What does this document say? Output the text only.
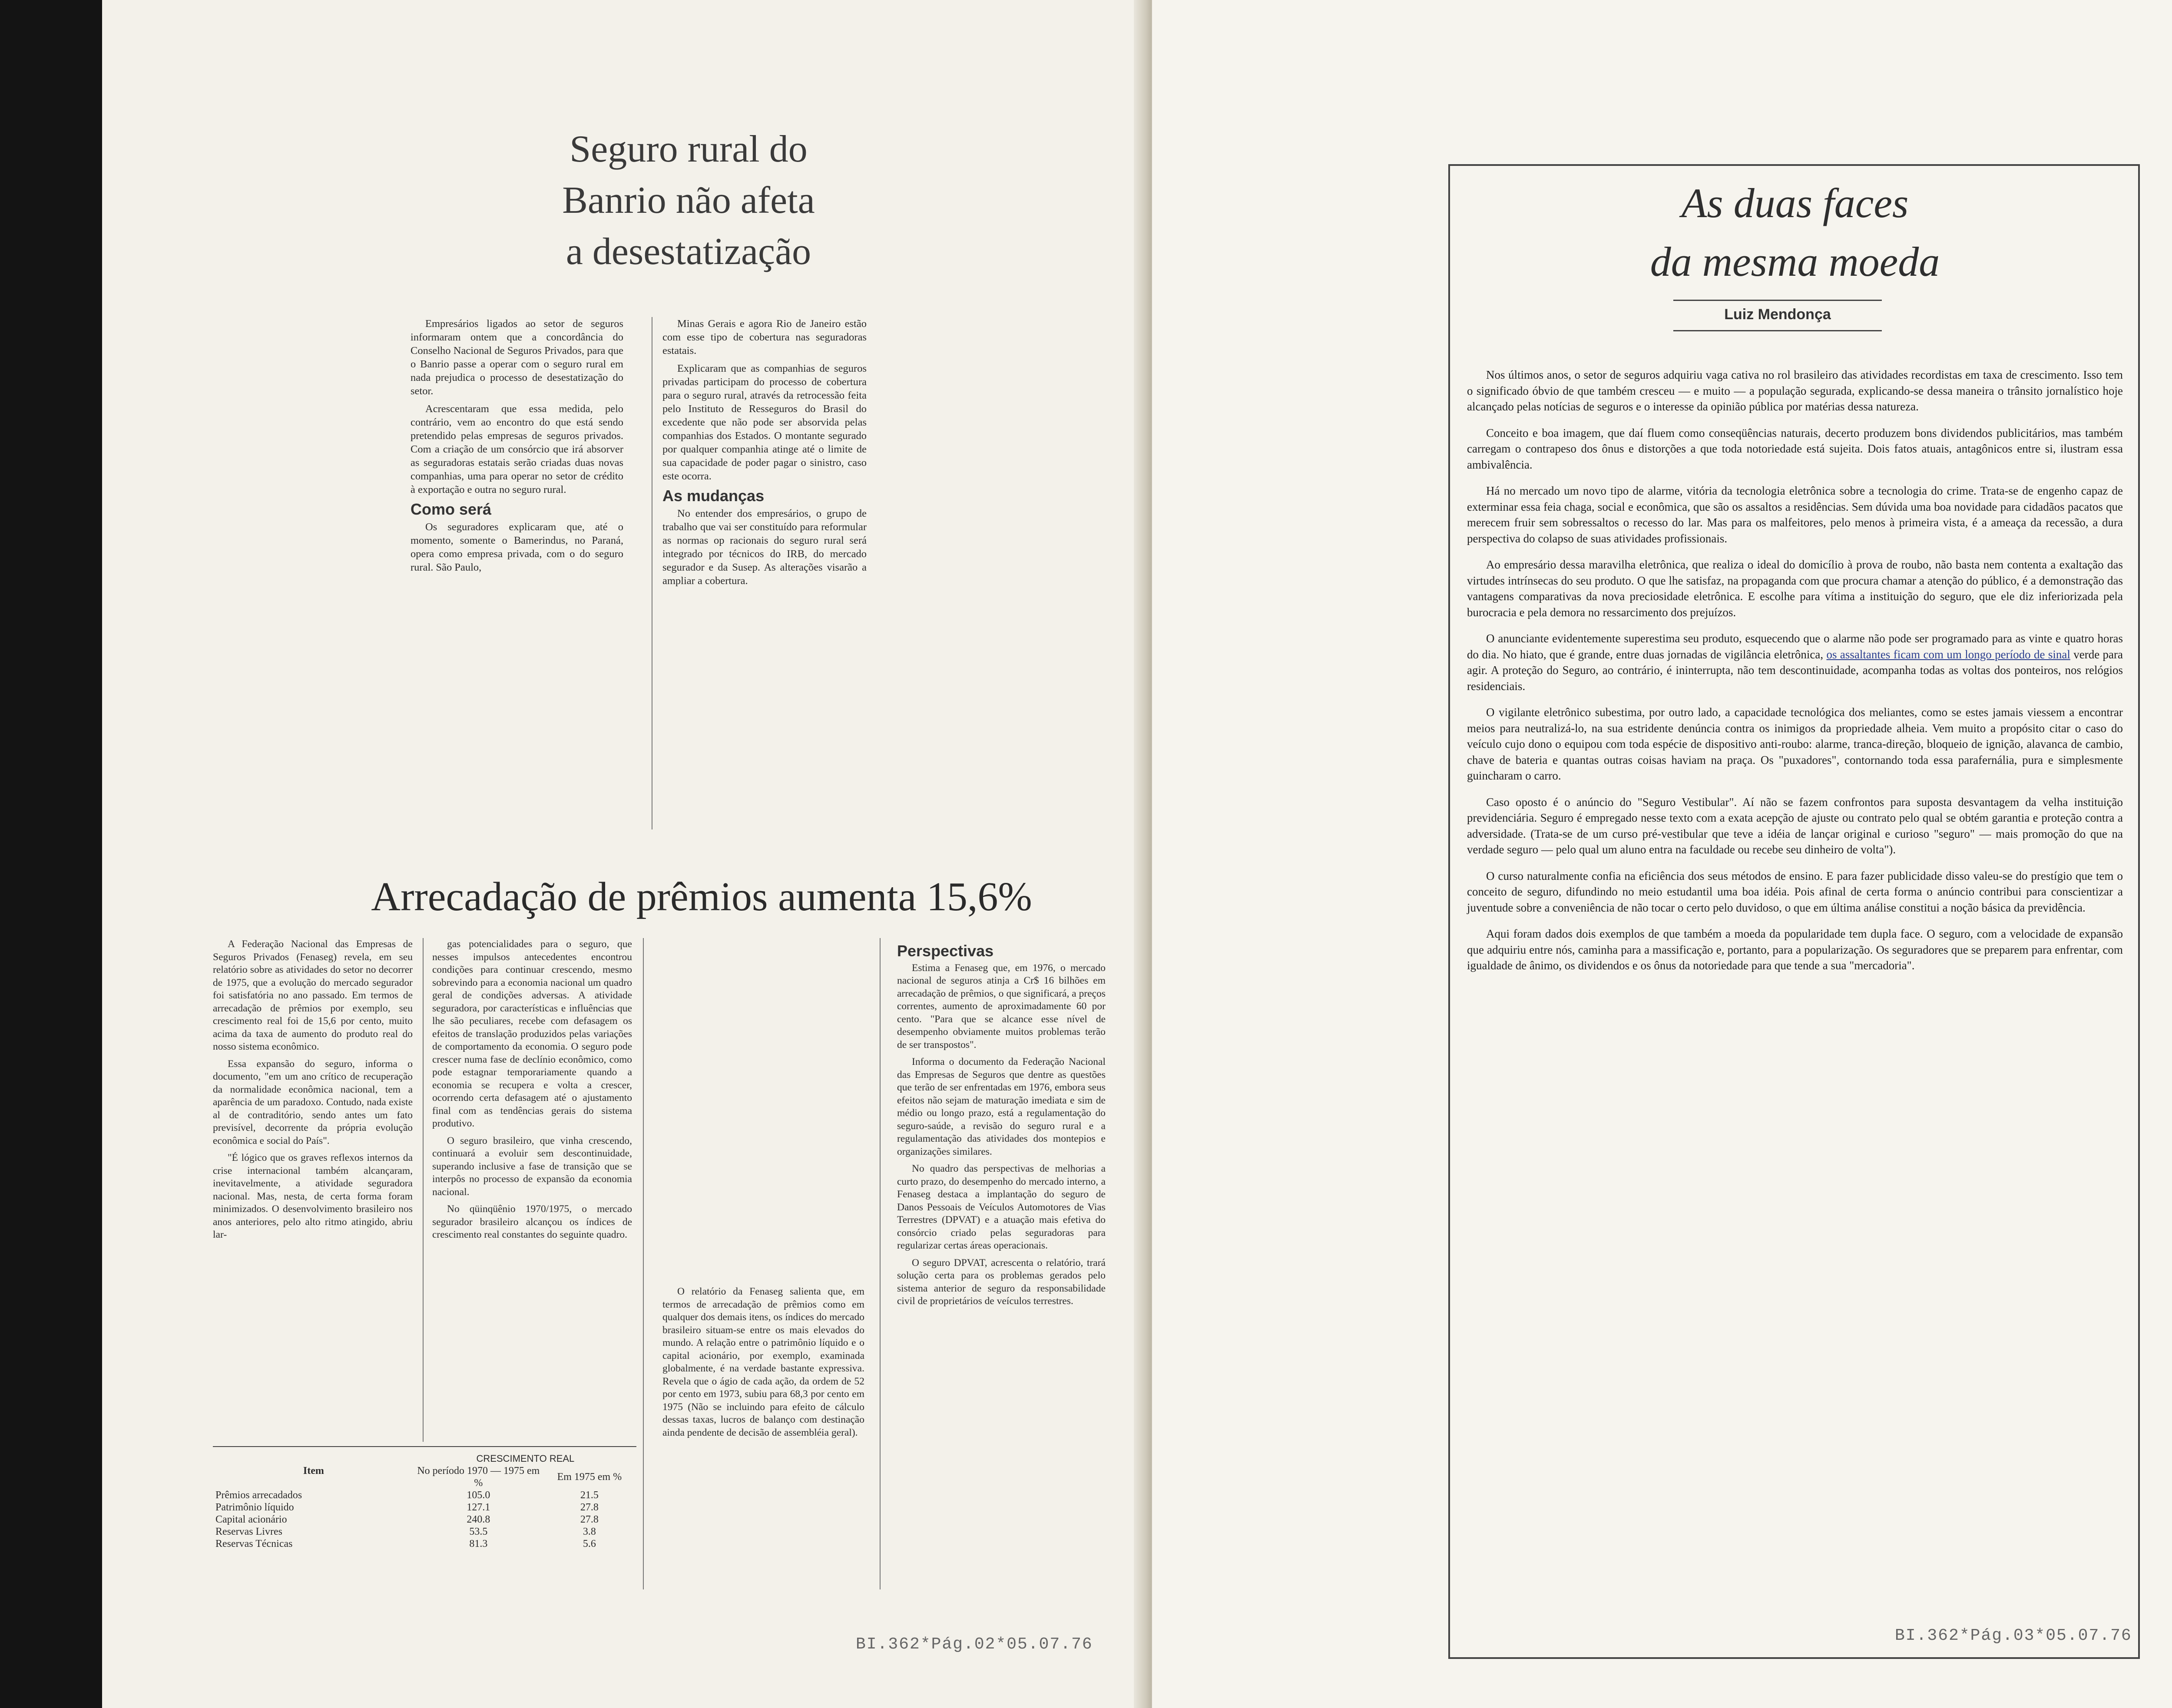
Seguro rural do
Banrio não afeta
a desestatização

Empresários ligados ao setor de seguros informaram ontem que a concordância do Conselho Nacional de Seguros Privados, para que o Banrio passe a operar com o seguro rural em nada prejudica o processo de desestatização do setor.

Acrescentaram que essa medida, pelo contrário, vem ao encontro do que está sendo pretendido pelas empresas de seguros privados. Com a criação de um consórcio que irá absorver as seguradoras estatais serão criadas duas novas companhias, uma para operar no setor de crédito à exportação e outra no seguro rural.

Como será

Os seguradores explicaram que, até o momento, somente o Bamerindus, no Paraná, opera como empresa privada, com o do seguro rural. São Paulo,

Minas Gerais e agora Rio de Janeiro estão com esse tipo de cobertura nas seguradoras estatais.

Explicaram que as companhias de seguros privadas participam do processo de cobertura para o seguro rural, através da retrocessão feita pelo Instituto de Resseguros do Brasil do excedente que não pode ser absorvida pelas companhias dos Estados. O montante segurado por qualquer companhia atinge até o limite de sua capacidade de poder pagar o sinistro, caso este ocorra.

As mudanças

No entender dos empresários, o grupo de trabalho que vai ser constituído para reformular as normas op racionais do seguro rural será integrado por técnicos do IRB, do mercado segurador e da Susep. As alterações visarão a ampliar a cobertura.

Arrecadação de prêmios aumenta 15,6%

A Federação Nacional das Empresas de Seguros Privados (Fenaseg) revela, em seu relatório sobre as atividades do setor no decorrer de 1975, que a evolução do mercado segurador foi satisfatória no ano passado. Em termos de arrecadação de prêmios por exemplo, seu crescimento real foi de 15,6 por cento, muito acima da taxa de aumento do produto real do nosso sistema econômico.

Essa expansão do seguro, informa o documento, "em um ano crítico de recuperação da normalidade econômica nacional, tem a aparência de um paradoxo. Contudo, nada existe al de contraditório, sendo antes um fato previsível, decorrente da própria evolução econômica e social do País".

"É lógico que os graves reflexos internos da crise internacional também alcançaram, inevitavelmente, a atividade seguradora nacional. Mas, nesta, de certa forma foram minimizados. O desenvolvimento brasileiro nos anos anteriores, pelo alto ritmo atingido, abriu lar-

gas potencialidades para o seguro, que nesses impulsos antecedentes encontrou condições para continuar crescendo, mesmo sobrevindo para a economia nacional um quadro geral de condições adversas. A atividade seguradora, por características e influências que lhe são peculiares, recebe com defasagem os efeitos de translação produzidos pelas variações de comportamento da economia. O seguro pode crescer numa fase de declínio econômico, como pode estagnar temporariamente quando a economia se recupera e volta a crescer, ocorrendo certa defasagem até o ajustamento final com as tendências gerais do sistema produtivo.

O seguro brasileiro, que vinha crescendo, continuará a evoluir sem descontinuidade, superando inclusive a fase de transição que se interpôs no processo de expansão da economia nacional.

No qüinqüênio 1970/1975, o mercado segurador brasileiro alcançou os índices de crescimento real constantes do seguinte quadro.

O relatório da Fenaseg salienta que, em termos de arrecadação de prêmios como em qualquer dos demais itens, os índices do mercado brasileiro situam-se entre os mais elevados do mundo. A relação entre o patrimônio líquido e o capital acionário, por exemplo, examinada globalmente, é na verdade bastante expressiva. Revela que o ágio de cada ação, da ordem de 52 por cento em 1973, subiu para 68,3 por cento em 1975 (Não se incluindo para efeito de cálculo dessas taxas, lucros de balanço com destinação ainda pendente de decisão de assembléia geral).

Perspectivas

Estima a Fenaseg que, em 1976, o mercado nacional de seguros atinja a Cr$ 16 bilhões em arrecadação de prêmios, o que significará, a preços correntes, aumento de aproximadamente 60 por cento. "Para que se alcance esse nível de desempenho obviamente muitos problemas terão de ser transpostos".

Informa o documento da Federação Nacional das Empresas de Seguros que dentre as questões que terão de ser enfrentadas em 1976, embora seus efeitos não sejam de maturação imediata e sim de médio ou longo prazo, está a regulamentação do seguro-saúde, a revisão do seguro rural e a regulamentação das atividades dos montepios e organizações similares.

No quadro das perspectivas de melhorias a curto prazo, do desempenho do mercado interno, a Fenaseg destaca a implantação do seguro de Danos Pessoais de Veículos Automotores de Vias Terrestres (DPVAT) e a atuação mais efetiva do consórcio criado pelas seguradoras para regularizar certas áreas operacionais.

O seguro DPVAT, acrescenta o relatório, trará solução certa para os problemas gerados pelo sistema anterior de seguro da responsabilidade civil de proprietários de veículos terrestres.

Item	CRESCIMENTO REAL	
	No período 1970 — 1975 em %	Em 1975 em %
Prêmios arrecadados	105.0	21.5
Patrimônio líquido	127.1	27.8
Capital acionário	240.8	27.8
Reservas Livres	53.5	3.8
Reservas Técnicas	81.3	5.6
BI.362*Pág.02*05.07.76
As duas faces
da mesma moeda
Luiz Mendonça

Nos últimos anos, o setor de seguros adquiriu vaga cativa no rol brasileiro das atividades recordistas em taxa de crescimento. Isso tem o significado óbvio de que também cresceu — e muito — a população segurada, explicando-se dessa maneira o trânsito jornalístico hoje alcançado pelas notícias de seguros e o interesse da opinião pública por matérias dessa natureza.

Conceito e boa imagem, que daí fluem como conseqüências naturais, decerto produzem bons dividendos publicitários, mas também carregam o contrapeso dos ônus e distorções a que toda notoriedade está sujeita. Dois fatos atuais, antagônicos entre si, ilustram essa ambivalência.

Há no mercado um novo tipo de alarme, vitória da tecnologia eletrônica sobre a tecnologia do crime. Trata-se de engenho capaz de exterminar essa feia chaga, social e econômica, que são os assaltos a residências. Sem dúvida uma boa novidade para cidadãos pacatos que merecem fruir sem sobressaltos o recesso do lar. Mas para os malfeitores, pelo menos à primeira vista, é a ameaça da recessão, a dura perspectiva do colapso de suas atividades profissionais.

Ao empresário dessa maravilha eletrônica, que realiza o ideal do domicílio à prova de roubo, não basta nem contenta a exaltação das virtudes intrínsecas do seu produto. O que lhe satisfaz, na propaganda com que procura chamar a atenção do público, é a demonstração das vantagens comparativas da nova preciosidade eletrônica. E escolhe para vítima a instituição do seguro, que ele diz inferiorizada pela burocracia e pela demora no ressarcimento dos prejuízos.

O anunciante evidentemente superestima seu produto, esquecendo que o alarme não pode ser programado para as vinte e quatro horas do dia. No hiato, que é grande, entre duas jornadas de vigilância eletrônica, os assaltantes ficam com um longo período de sinal verde para agir. A proteção do Seguro, ao contrário, é ininterrupta, não tem descontinuidade, acompanha todas as voltas dos ponteiros, nos relógios residenciais.

O vigilante eletrônico subestima, por outro lado, a capacidade tecnológica dos meliantes, como se estes jamais viessem a encontrar meios para neutralizá-lo, na sua estridente denúncia contra os inimigos da propriedade alheia. Vem muito a propósito citar o caso do veículo cujo dono o equipou com toda espécie de dispositivo anti-roubo: alarme, tranca-direção, bloqueio de ignição, alavanca de cambio, chave de bateria e quantas outras coisas haviam na praça. Os "puxadores", contornando toda essa parafernália, pura e simplesmente guincharam o carro.

Caso oposto é o anúncio do "Seguro Vestibular". Aí não se fazem confrontos para suposta desvantagem da velha instituição previdenciária. Seguro é empregado nesse texto com a exata acepção de ajuste ou contrato pelo qual se obtém garantia e proteção contra a adversidade. (Trata-se de um curso pré-vestibular que teve a idéia de lançar original e curioso "seguro" — mais promoção do que na verdade seguro — pelo qual um aluno entra na faculdade ou recebe seu dinheiro de volta").

O curso naturalmente confia na eficiência dos seus métodos de ensino. E para fazer publicidade disso valeu-se do prestígio que tem o conceito de seguro, difundindo no meio estudantil uma boa idéia. Pois afinal de certa forma o anúncio contribui para conscientizar a juventude sobre a conveniência de não tocar o certo pelo duvidoso, o que em última análise constitui a noção básica da previdência.

Aqui foram dados dois exemplos de que também a moeda da popularidade tem dupla face. O seguro, com a velocidade de expansão que adquiriu entre nós, caminha para a massificação e, portanto, para a popularização. Os seguradores que se preparem para enfrentar, com igualdade de ânimo, os dividendos e os ônus da notoriedade para que tende a sua "mercadoria".

BI.362*Pág.03*05.07.76
